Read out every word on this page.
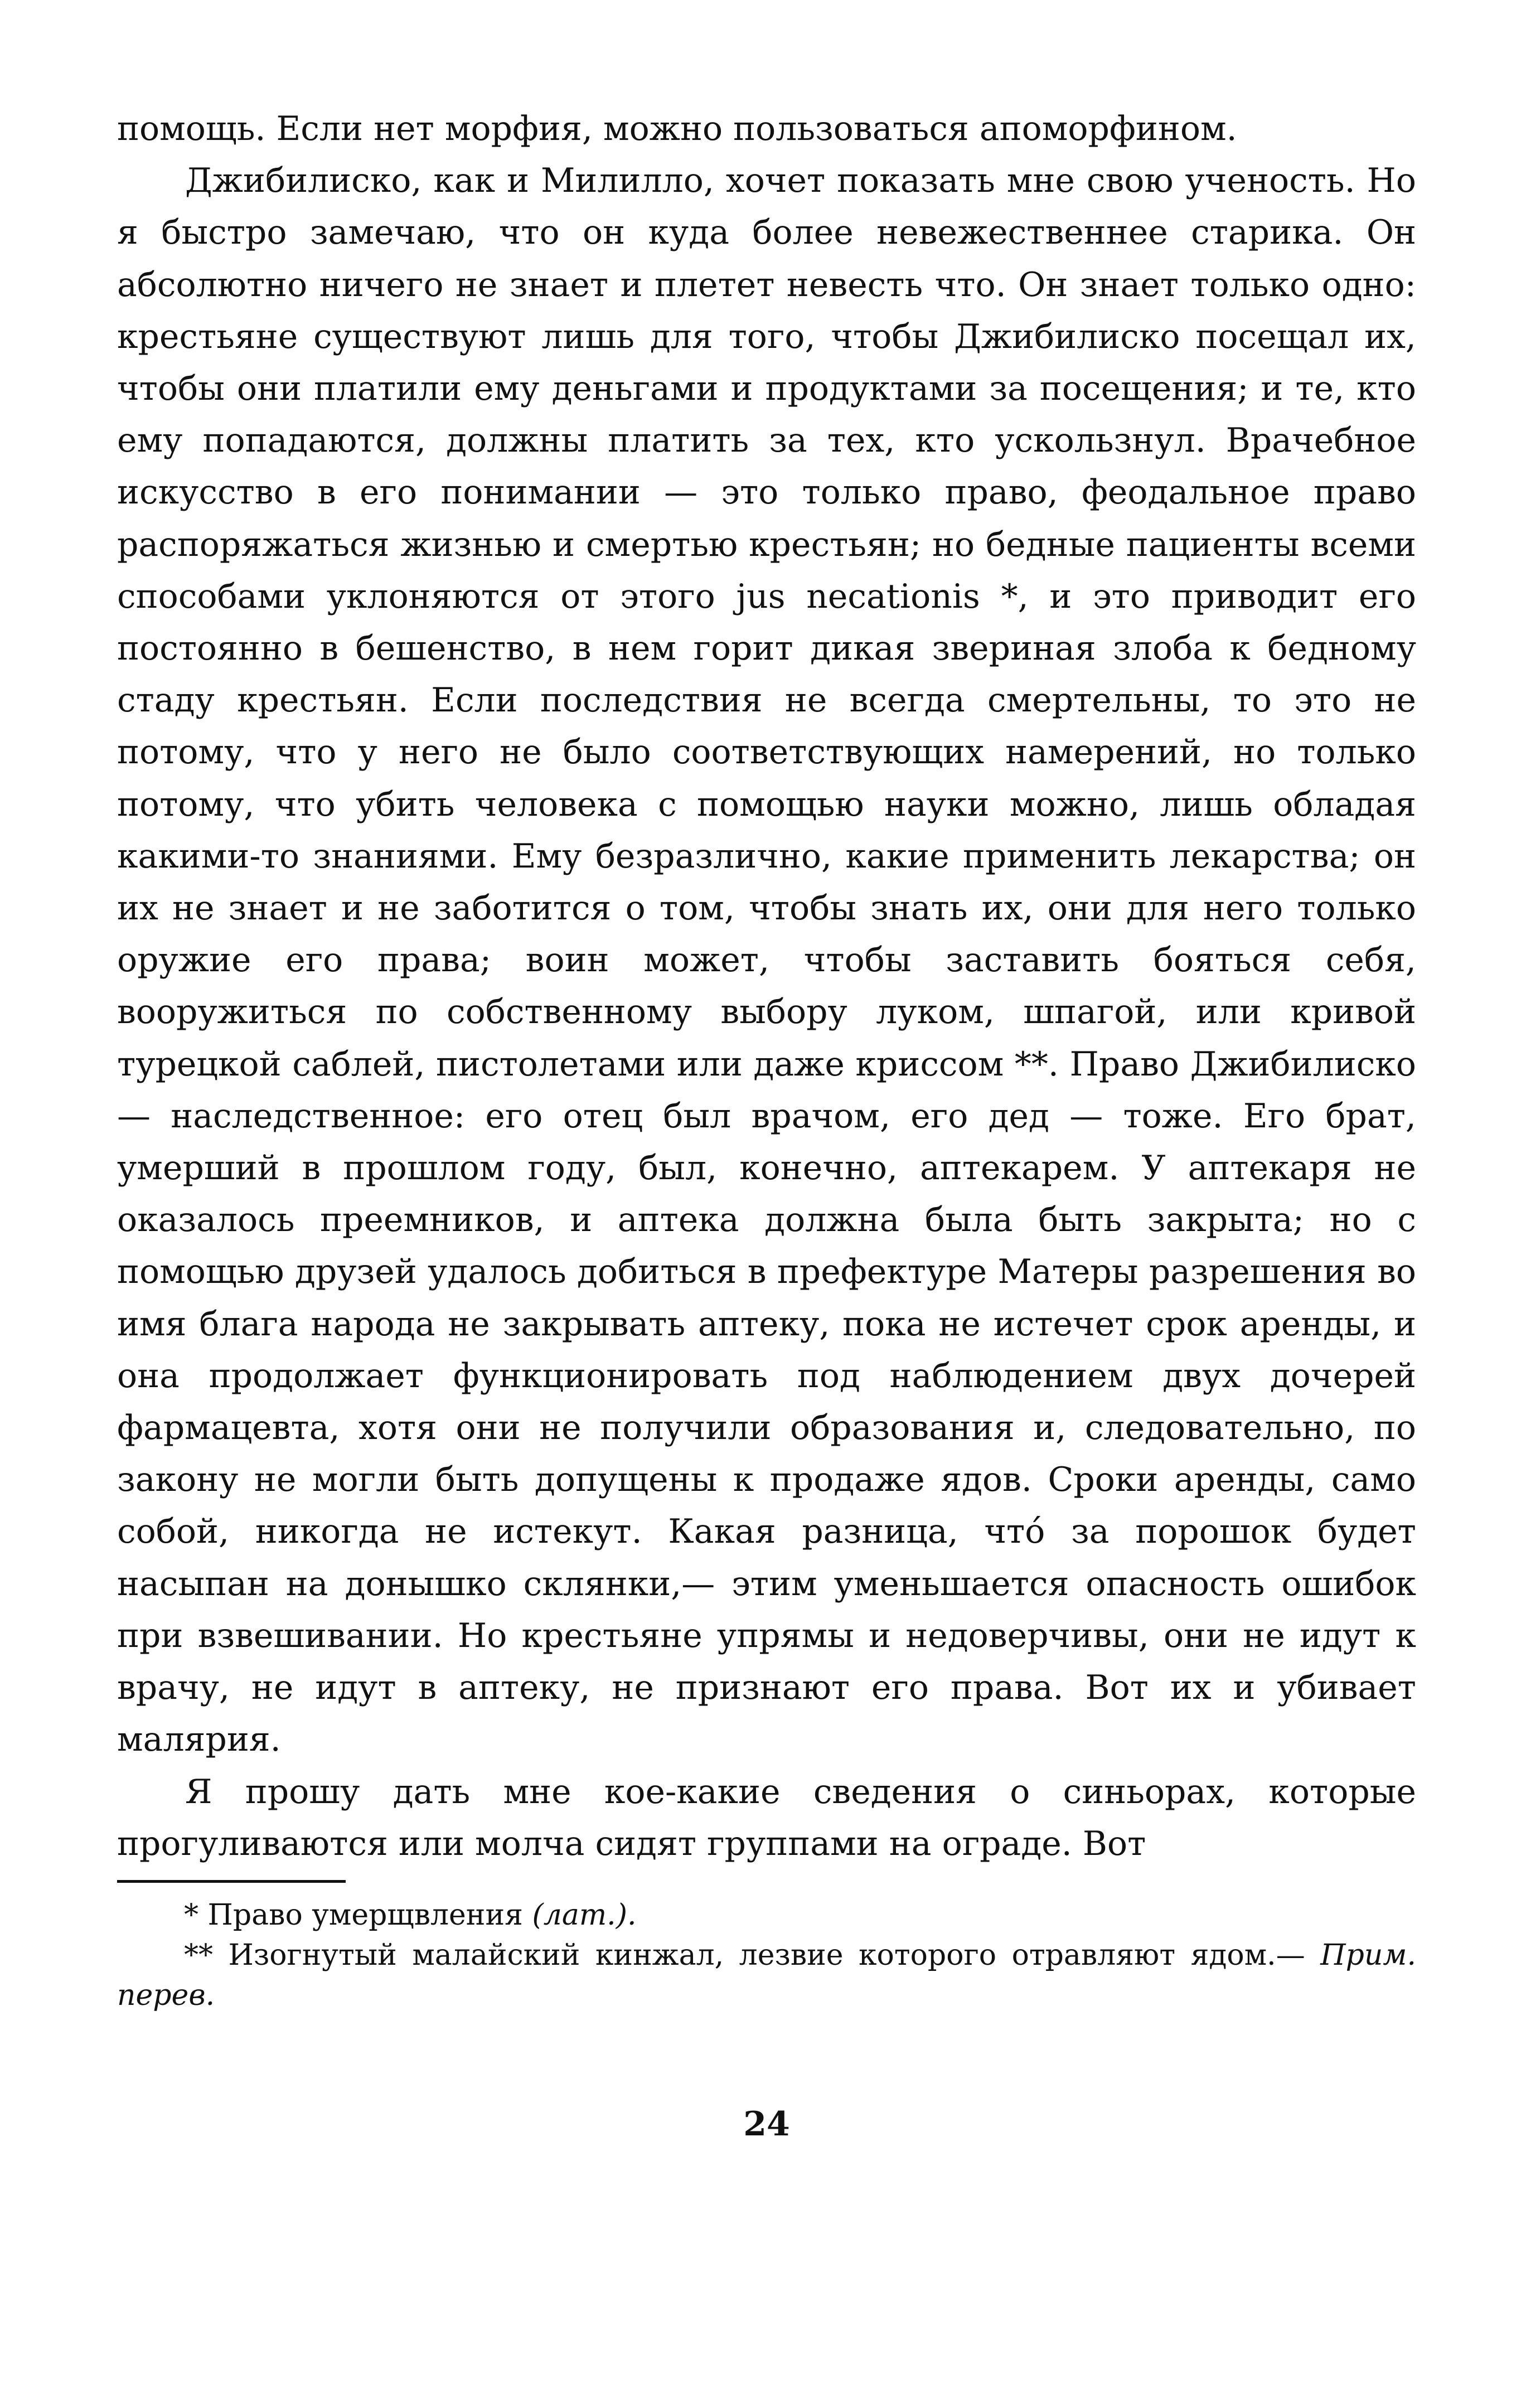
помощь. Если нет морфия, можно пользоваться апоморфином.

Джибилиско, как и Милилло, хочет показать мне свою ученость. Но я быстро замечаю, что он куда более невежественнее старика. Он абсолютно ничего не знает и плетет невесть что. Он знает только одно: крестьяне существуют лишь для того, чтобы Джибилиско посещал их, чтобы они платили ему деньгами и продуктами за посещения; и те, кто ему попадаются, должны платить за тех, кто ускользнул. Врачебное искусство в его понимании — это только право, феодальное право распоряжаться жизнью и смертью крестьян; но бедные пациенты всеми способами уклоняются от этого jus necationis *, и это приводит его постоянно в бешенство, в нем горит дикая звериная злоба к бедному стаду крестьян. Если последствия не всегда смертельны, то это не потому, что у него не было соответствующих намерений, но только потому, что убить человека с помощью науки можно, лишь обладая какими-то знаниями. Ему безразлично, какие применить лекарства; он их не знает и не заботится о том, чтобы знать их, они для него только оружие его права; воин может, чтобы заставить бояться себя, вооружиться по собственному выбору луком, шпагой, или кривой турецкой саблей, пистолетами или даже криссом **. Право Джибилиско — наследственное: его отец был врачом, его дед — тоже. Его брат, умерший в прошлом году, был, конечно, аптекарем. У аптекаря не оказалось преемников, и аптека должна была быть закрыта; но с помощью друзей удалось добиться в префектуре Матеры разрешения во имя блага народа не закрывать аптеку, пока не истечет срок аренды, и она продолжает функционировать под наблюдением двух дочерей фармацевта, хотя они не получили образования и, следовательно, по закону не могли быть допущены к продаже ядов. Сроки аренды, само собой, никогда не истекут. Какая разница, что́ за порошок будет насыпан на донышко склянки,— этим уменьшается опасность ошибок при взвешивании. Но крестьяне упрямы и недоверчивы, они не идут к врачу, не идут в аптеку, не признают его права. Вот их и убивает малярия.

Я прошу дать мне кое-какие сведения о синьорах, которые прогуливаются или молча сидят группами на ограде. Вот

* Право умерщвления (лат.).

** Изогнутый малайский кинжал, лезвие которого отравляют ядом.— Прим. перев.

24
